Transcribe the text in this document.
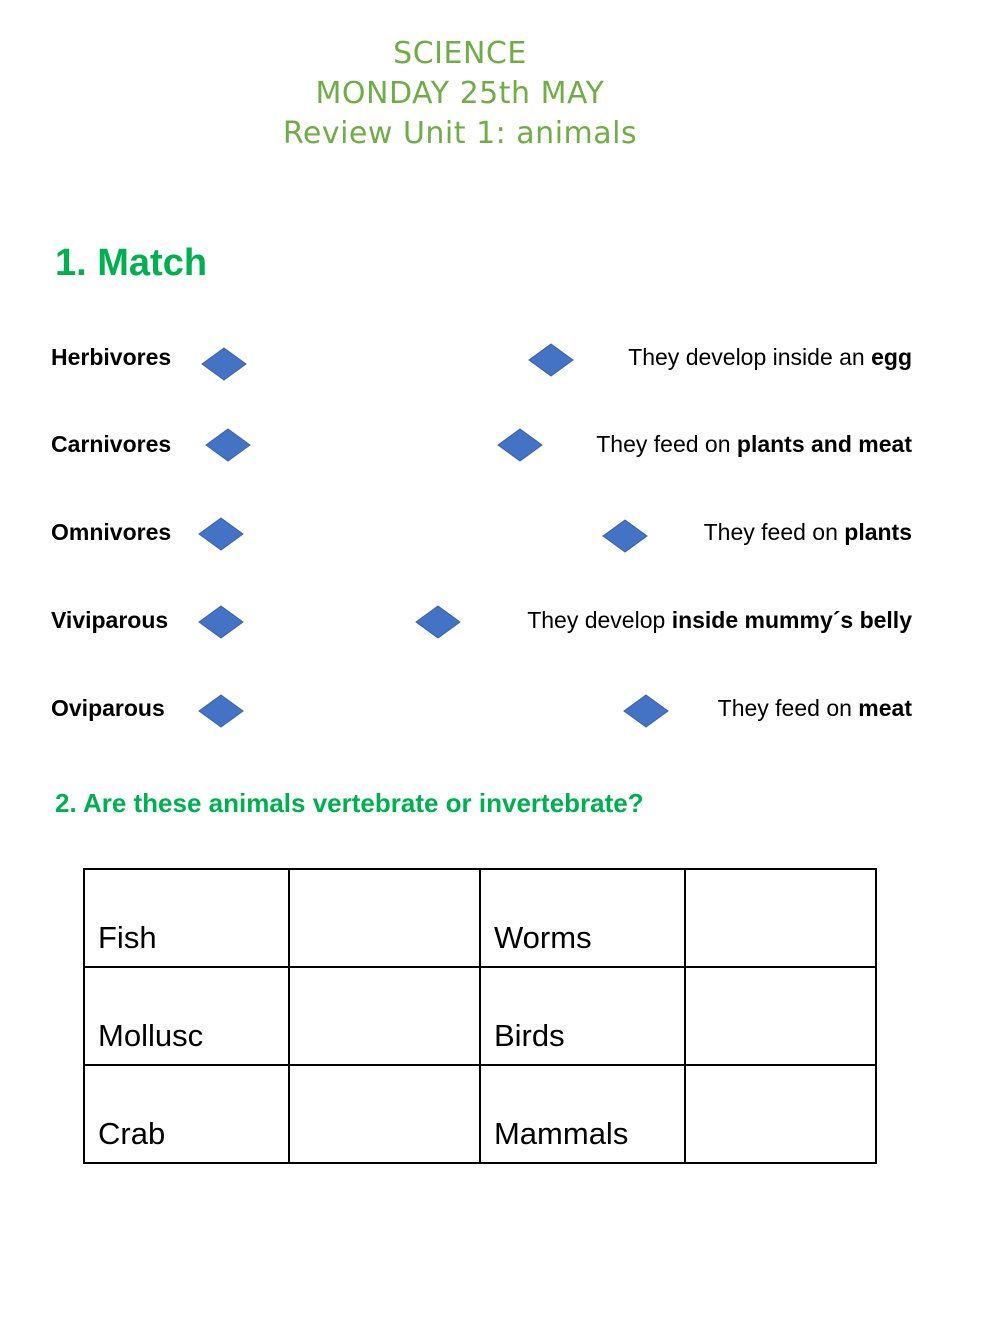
SCIENCE
MONDAY 25th MAY
Review Unit 1: animals
1. Match
Herbivores
Carnivores
Omnivores
Viviparous
Oviparous
They develop inside an egg
They feed on plants and meat
They feed on plants
They develop inside mummy´s belly
They feed on meat
2. Are these animals vertebrate or invertebrate?
Fish		Worms	
Mollusc		Birds	
Crab		Mammals	
